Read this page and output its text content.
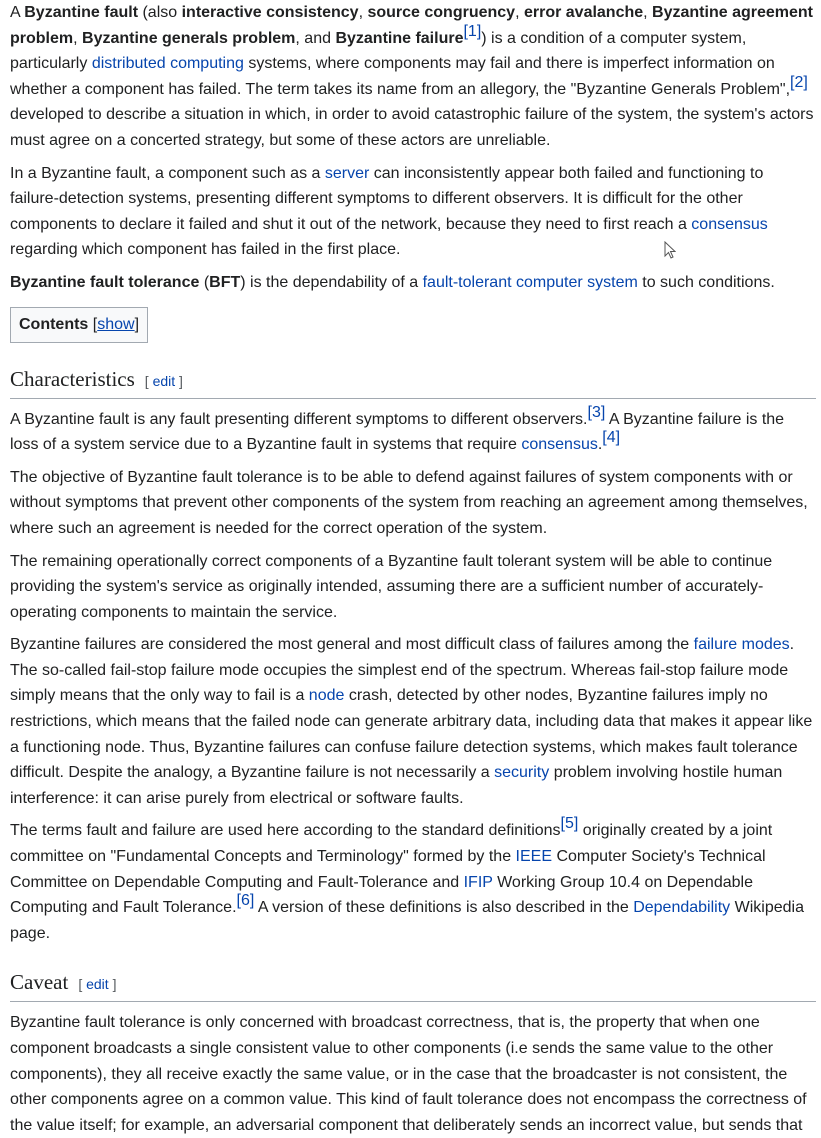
A Byzantine fault (also interactive consistency, source congruency, error avalanche, Byzantine agreement problem, Byzantine generals problem, and Byzantine failure[1]) is a condition of a computer system, particularly distributed computing systems, where components may fail and there is imperfect information on whether a component has failed. The term takes its name from an allegory, the "Byzantine Generals Problem",[2] developed to describe a situation in which, in order to avoid catastrophic failure of the system, the system's actors must agree on a concerted strategy, but some of these actors are unreliable.

In a Byzantine fault, a component such as a server can inconsistently appear both failed and functioning to failure-detection systems, presenting different symptoms to different observers. It is difficult for the other components to declare it failed and shut it out of the network, because they need to first reach a consensus regarding which component has failed in the first place.

Byzantine fault tolerance (BFT) is the dependability of a fault-tolerant computer system to such conditions.

Contents [show]
Characteristics [ edit ]

A Byzantine fault is any fault presenting different symptoms to different observers.[3] A Byzantine failure is the loss of a system service due to a Byzantine fault in systems that require consensus.[4]

The objective of Byzantine fault tolerance is to be able to defend against failures of system components with or without symptoms that prevent other components of the system from reaching an agreement among themselves, where such an agreement is needed for the correct operation of the system.

The remaining operationally correct components of a Byzantine fault tolerant system will be able to continue providing the system's service as originally intended, assuming there are a sufficient number of accurately-operating components to maintain the service.

Byzantine failures are considered the most general and most difficult class of failures among the failure modes. The so-called fail-stop failure mode occupies the simplest end of the spectrum. Whereas fail-stop failure mode simply means that the only way to fail is a node crash, detected by other nodes, Byzantine failures imply no restrictions, which means that the failed node can generate arbitrary data, including data that makes it appear like a functioning node. Thus, Byzantine failures can confuse failure detection systems, which makes fault tolerance difficult. Despite the analogy, a Byzantine failure is not necessarily a security problem involving hostile human interference: it can arise purely from electrical or software faults.

The terms fault and failure are used here according to the standard definitions[5] originally created by a joint committee on "Fundamental Concepts and Terminology" formed by the IEEE Computer Society's Technical Committee on Dependable Computing and Fault-Tolerance and IFIP Working Group 10.4 on Dependable Computing and Fault Tolerance.[6] A version of these definitions is also described in the Dependability Wikipedia page.

Caveat [ edit ]

Byzantine fault tolerance is only concerned with broadcast correctness, that is, the property that when one component broadcasts a single consistent value to other components (i.e sends the same value to the other components), they all receive exactly the same value, or in the case that the broadcaster is not consistent, the other components agree on a common value. This kind of fault tolerance does not encompass the correctness of the value itself; for example, an adversarial component that deliberately sends an incorrect value, but sends that
